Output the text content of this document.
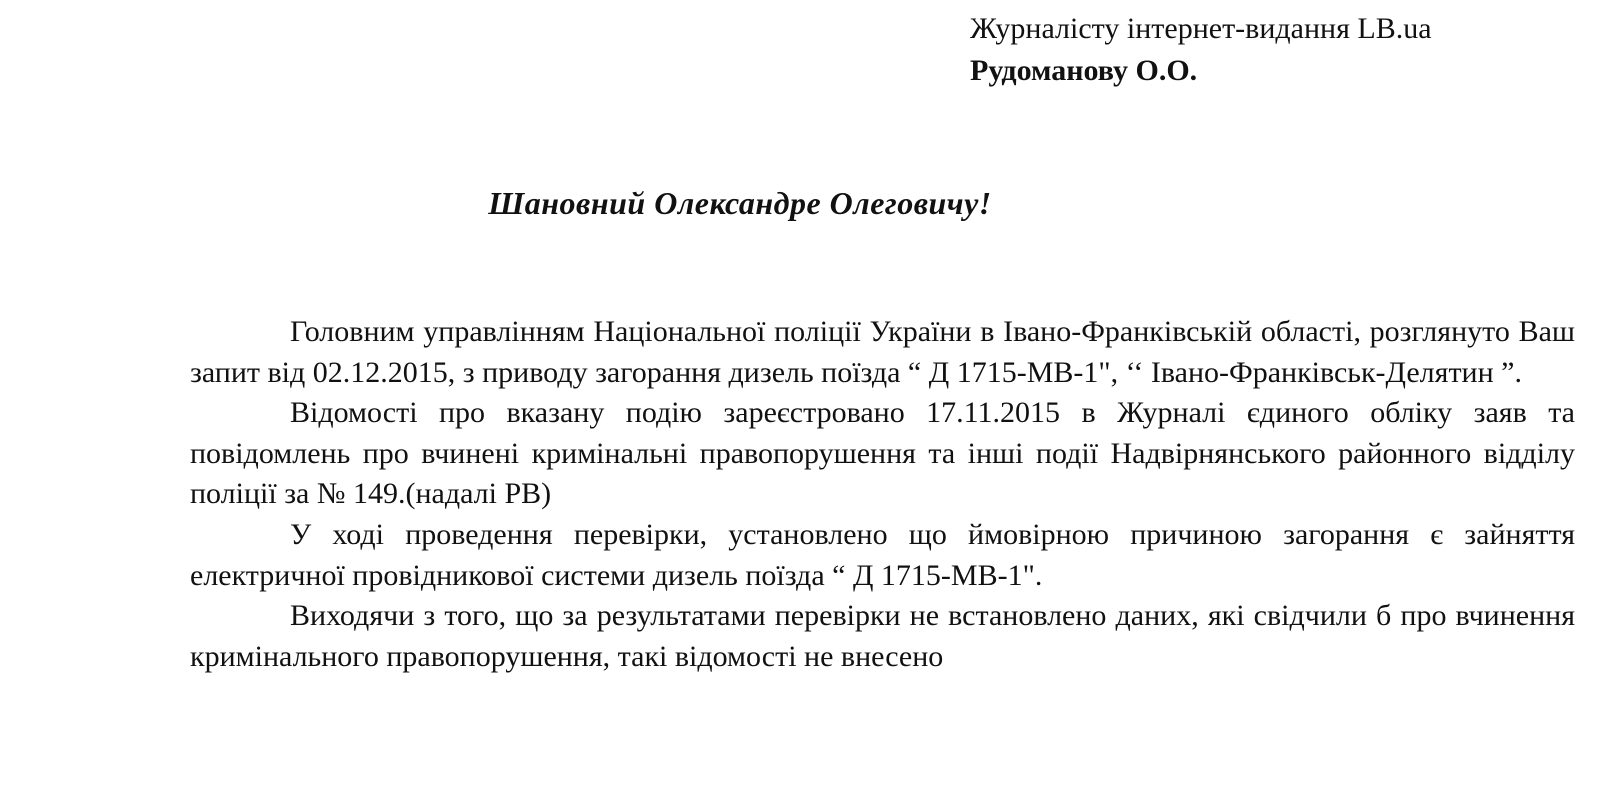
Журналісту інтернет-видання LB.ua
Рудоманову О.О.
Шановний Олександре Олеговичу!

Головним управлінням Національної поліції України в Івано-Франківській області, розглянуто Ваш запит від 02.12.2015, з приводу загорання дизель поїзда “ Д 1715-МВ-1", ‘‘ Івано-Франківськ-Делятин ”.

Відомості про вказану подію зареєстровано 17.11.2015 в Журналі єдиного обліку заяв та повідомлень про вчинені кримінальні правопорушення та інші події Надвірнянського районного відділу поліції за № 149.(надалі РВ)

У ході проведення перевірки, установлено що ймовірною причиною загорання є зайняття електричної провідникової системи дизель поїзда “ Д 1715-МВ-1".

Виходячи з того, що за результатами перевірки не встановлено даних, які свідчили б про вчинення кримінального правопорушення, такі відомості не внесено
